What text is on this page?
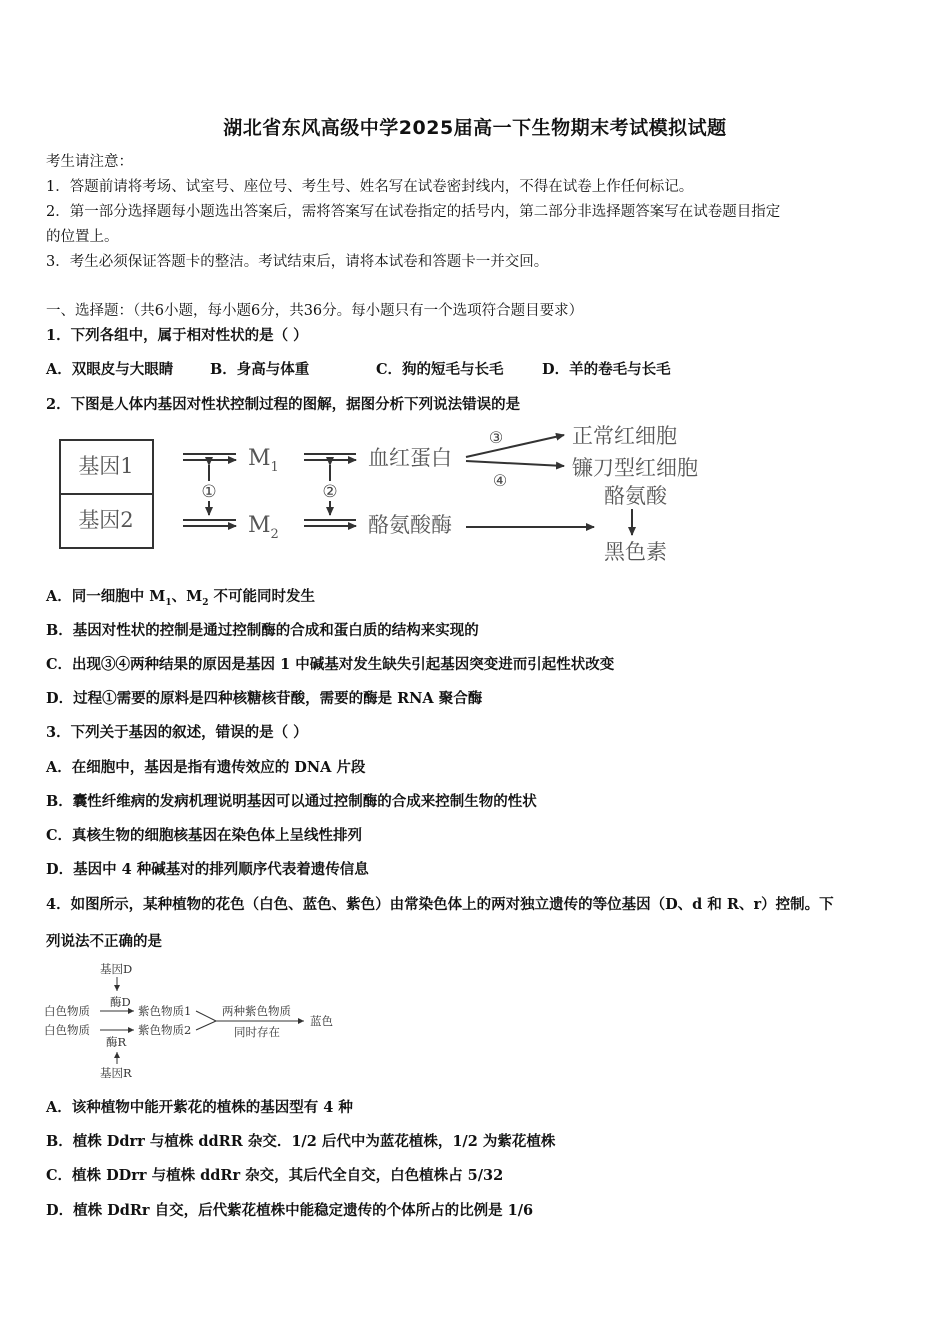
湖北省东风高级中学2025届高一下生物期末考试模拟试题
考生请注意：
1．答题前请将考场、试室号、座位号、考生号、姓名写在试卷密封线内，不得在试卷上作任何标记。
2．第一部分选择题每小题选出答案后，需将答案写在试卷指定的括号内，第二部分非选择题答案写在试卷题目指定
的位置上。
3．考生必须保证答题卡的整洁。考试结束后，请将本试卷和答题卡一并交回。
一、选择题：（共6小题，每小题6分，共36分。每小题只有一个选项符合题目要求）
1．下列各组中，属于相对性状的是（ ）
A．双眼皮与大眼睛	B．身高与体重	C．狗的短毛与长毛	D．羊的卷毛与长毛
2．下图是人体内基因对性状控制过程的图解，据图分析下列说法错误的是
基因1
基因2
①
$M_1$
$M_2$
②
血红蛋白
酪氨酸酶
③
④
正常红细胞
镰刀型红细胞
酪氨酸
黑色素
A．同一细胞中 $M_1$、$M_2$ 不可能同时发生
B．基因对性状的控制是通过控制酶的合成和蛋白质的结构来实现的
C．出现③④两种结果的原因是基因 1 中碱基对发生缺失引起基因突变进而引起性状改变
D．过程①需要的原料是四种核糖核苷酸，需要的酶是 RNA 聚合酶
3．下列关于基因的叙述，错误的是（ ）
A．在细胞中，基因是指有遗传效应的 DNA 片段
B．囊性纤维病的发病机理说明基因可以通过控制酶的合成来控制生物的性状
C．真核生物的细胞核基因在染色体上呈线性排列
D．基因中 4 种碱基对的排列顺序代表着遗传信息
4．如图所示，某种植物的花色（白色、蓝色、紫色）由常染色体上的两对独立遗传的等位基因（D、d 和 R、r）控制。下
列说法不正确的是
基因D
酶D
白色物质	紫色物质1
白色物质	紫色物质2
两种紫色物质
同时存在
蓝色
酶R
基因R
A．该种植物中能开紫花的植株的基因型有 4 种
B．植株 Ddrr 与植株 ddRR 杂交．1/2 后代中为蓝花植株，1/2 为紫花植株
C．植株 DDrr 与植株 ddRr 杂交，其后代全自交，白色植株占 5/32
D．植株 DdRr 自交，后代紫花植株中能稳定遗传的个体所占的比例是 1/6
